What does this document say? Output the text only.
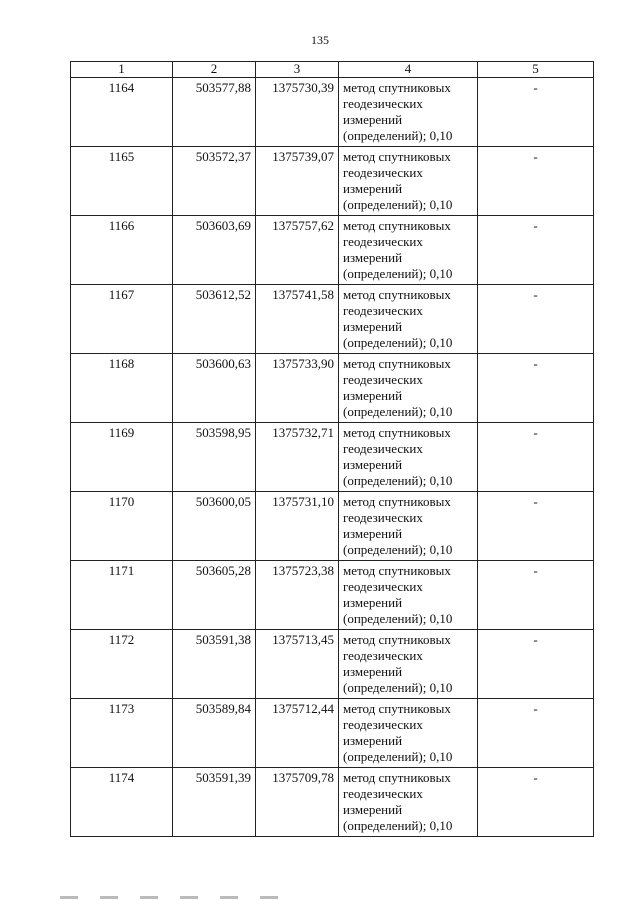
135
1	2	3	4	5
1164	503577,88	1375730,39	метод спутниковых
геодезических
измерений
(определений); 0,10	-
1165	503572,37	1375739,07	метод спутниковых
геодезических
измерений
(определений); 0,10	-
1166	503603,69	1375757,62	метод спутниковых
геодезических
измерений
(определений); 0,10	-
1167	503612,52	1375741,58	метод спутниковых
геодезических
измерений
(определений); 0,10	-
1168	503600,63	1375733,90	метод спутниковых
геодезических
измерений
(определений); 0,10	-
1169	503598,95	1375732,71	метод спутниковых
геодезических
измерений
(определений); 0,10	-
1170	503600,05	1375731,10	метод спутниковых
геодезических
измерений
(определений); 0,10	-
1171	503605,28	1375723,38	метод спутниковых
геодезических
измерений
(определений); 0,10	-
1172	503591,38	1375713,45	метод спутниковых
геодезических
измерений
(определений); 0,10	-
1173	503589,84	1375712,44	метод спутниковых
геодезических
измерений
(определений); 0,10	-
1174	503591,39	1375709,78	метод спутниковых
геодезических
измерений
(определений); 0,10	-
